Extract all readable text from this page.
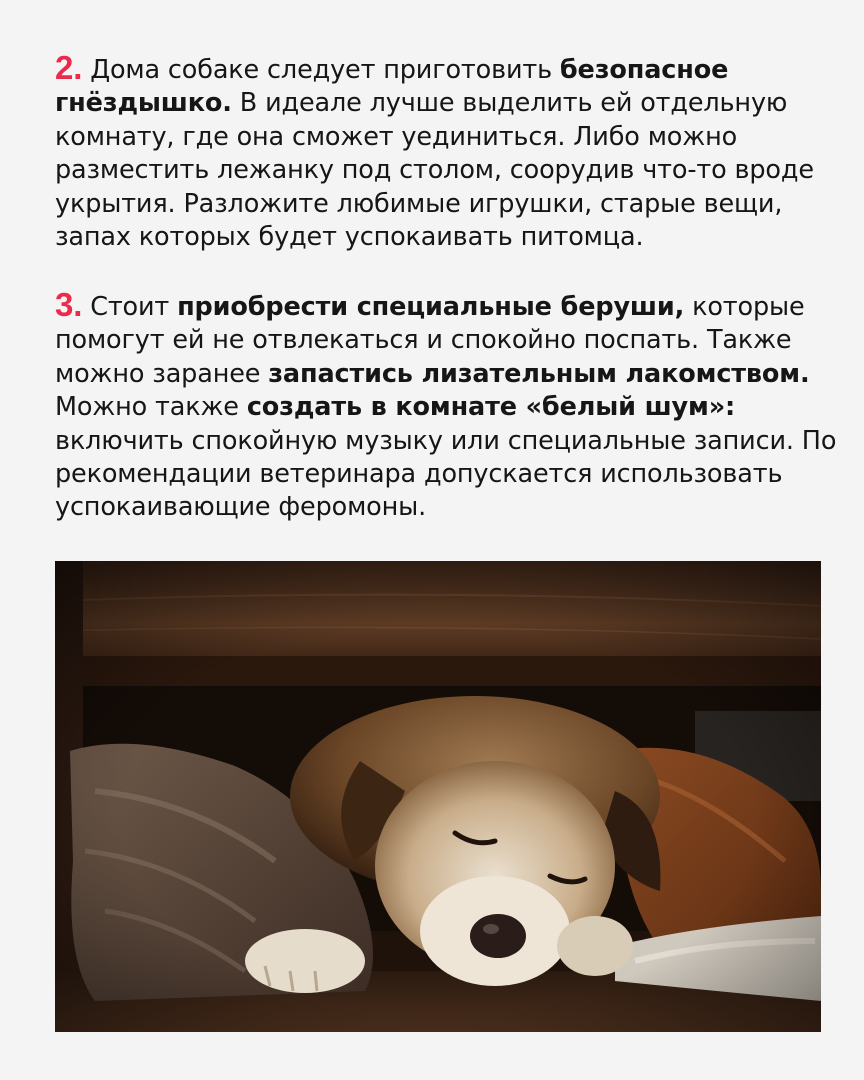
2. Дома собаке следует приготовить безопасное гнёздышко. В идеале лучше выделить ей отдельную комнату, где она сможет уединиться. Либо можно разместить лежанку под столом, соорудив что-то вроде укрытия. Разложите любимые игрушки, старые вещи, запах которых будет успокаивать питомца.

3. Стоит приобрести специальные беруши, которые помогут ей не отвлекаться и спокойно поспать. Также можно заранее запастись лизательным лакомством. Можно также создать в комнате «белый шум»: включить спокойную музыку или специальные записи. По рекомендации ветеринара допускается использовать успокаивающие феромоны.
